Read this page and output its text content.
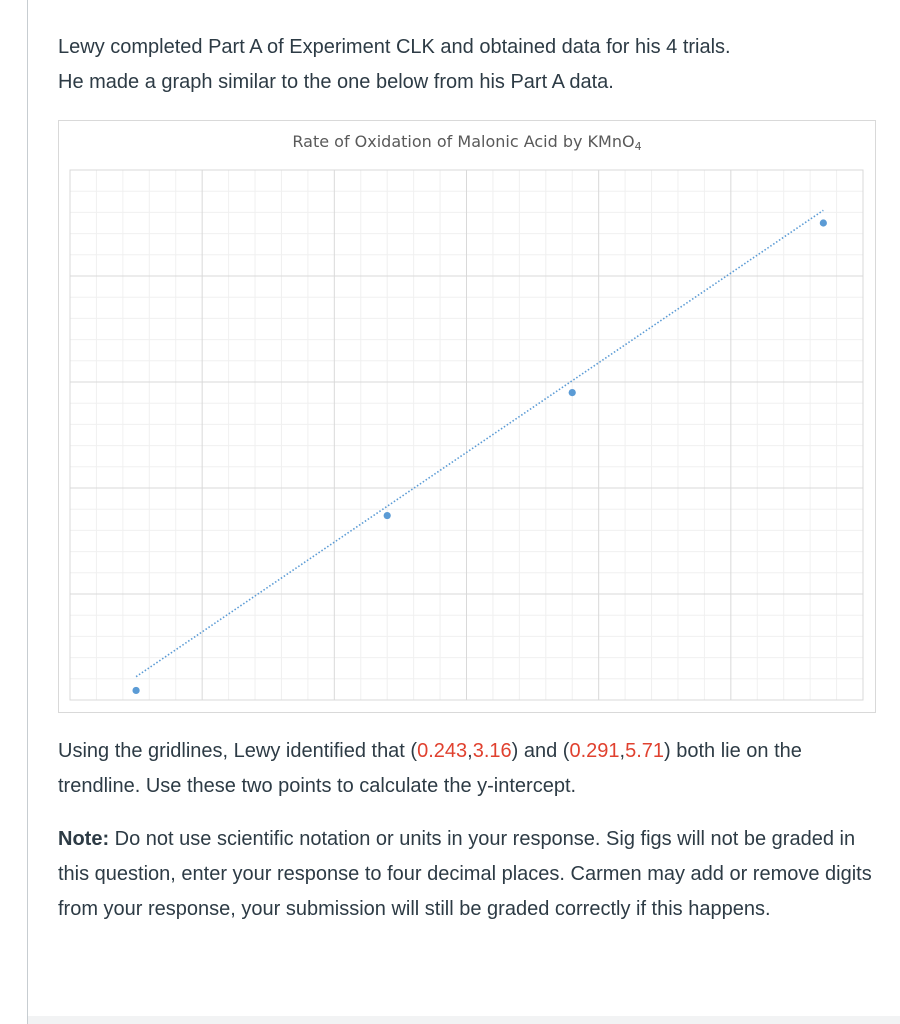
Lewy completed Part A of Experiment CLK and obtained data for his 4 trials.
He made a graph similar to the one below from his Part A data.

Rate of Oxidation of Malonic Acid by KMnO$_4$

Using the gridlines, Lewy identified that (0.243,3.16) and (0.291,5.71) both lie on the trendline. Use these two points to calculate the y-intercept.

Note: Do not use scientific notation or units in your response. Sig figs will not be graded in this question, enter your response to four decimal places. Carmen may add or remove digits from your response, your submission will still be graded correctly if this happens.
